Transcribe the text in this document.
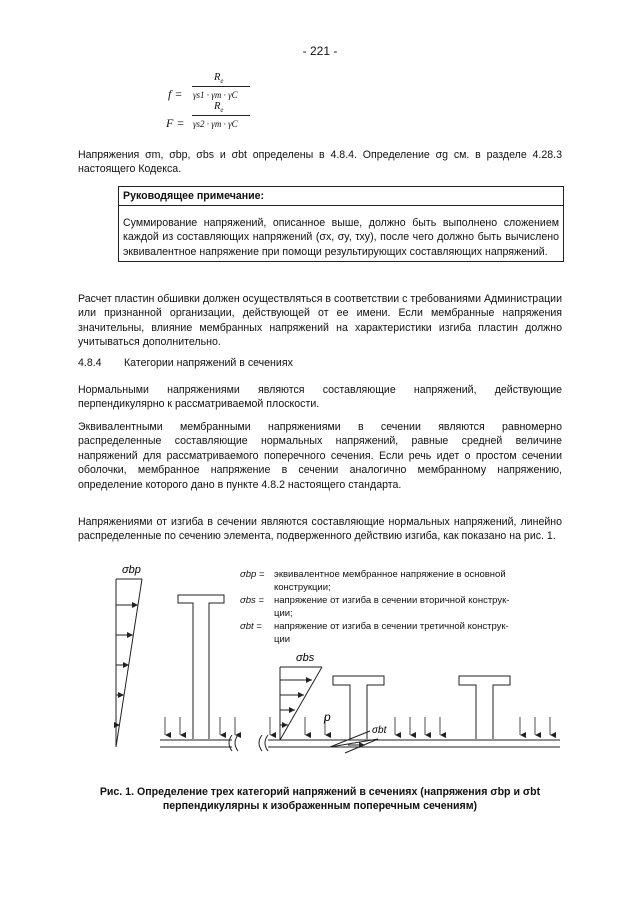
- 221 -
f =
$R_e$
γs1 · γm · γC
F =
$R_e$
γs2 · γm · γC
Напряжения σm, σbp, σbs и σbt определены в 4.8.4. Определение σg см. в разделе 4.28.3 настоящего Кодекса.
Руководящее примечание:
Суммирование напряжений, описанное выше, должно быть выполнено сложением каждой из составляющих напряжений (σx, σy, τxy), после чего должно быть вычислено эквивалентное напряжение при помощи результирующих составляющих напряжений.
Расчет пластин обшивки должен осуществляться в соответствии с требованиями Администрации или признанной организации, действующей от ее имени. Если мембранные напряжения значительны, влияние мембранных напряжений на характеристики изгиба пластин должно учитываться дополнительно.
4.8.4 Категории напряжений в сечениях
Нормальными напряжениями являются составляющие напряжений, действующие перпендикулярно к рассматриваемой плоскости.
Эквивалентными мембранными напряжениями в сечении являются равномерно распределенные составляющие нормальных напряжений, равные средней величине напряжений для рассматриваемого поперечного сечения. Если речь идет о простом сечении оболочки, мембранное напряжение в сечении аналогично мембранному напряжению, определение которого дано в пункте 4.8.2 настоящего стандарта.
Напряжениями от изгиба в сечении являются составляющие нормальных напряжений, линейно распределенные по сечению элемента, подверженного действию изгиба, как показано на рис. 1.
σbp
σbs
σbt
p
σbp = эквивалентное мембранное напряжение в основной
конструкции;
σbs = напряжение от изгиба в сечении вторичной конструк-
ции;
σbt = напряжение от изгиба в сечении третичной конструк-
ции
Рис. 1. Определение трех категорий напряжений в сечениях (напряжения σbp и σbt
перпендикулярны к изображенным поперечным сечениям)
